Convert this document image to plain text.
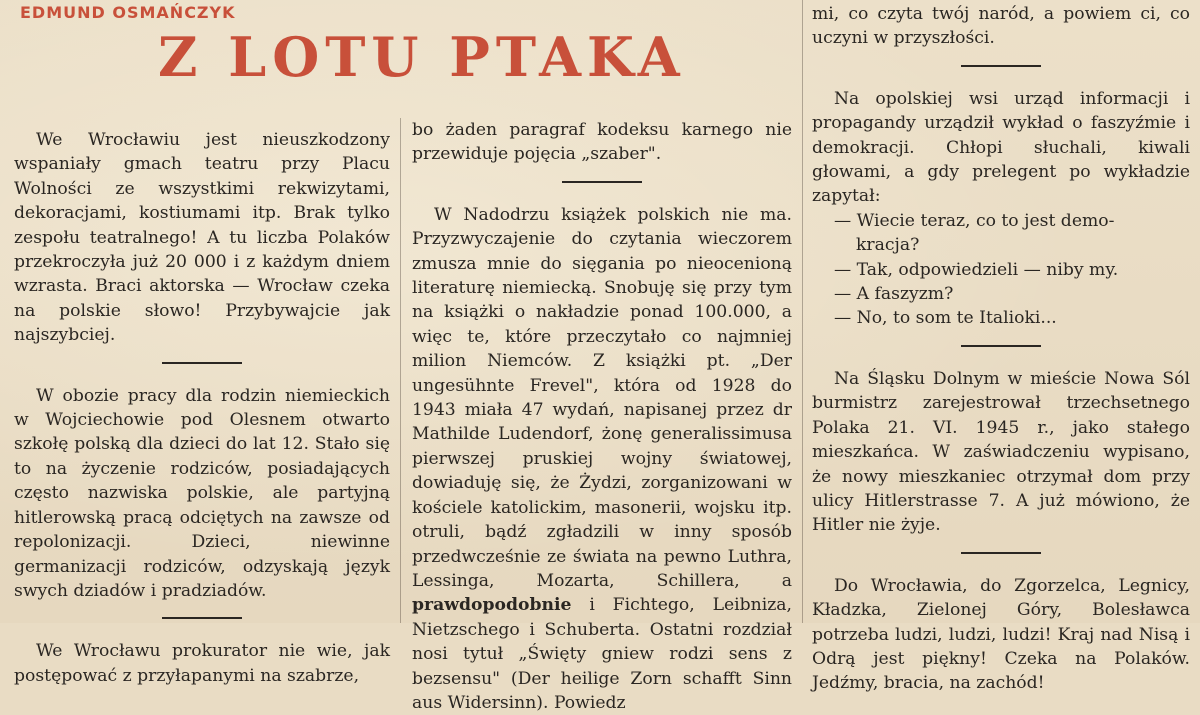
EDMUND OSMAŃCZYK
Z LOTU PTAKA

We Wrocławiu jest nieuszkodzony wspaniały gmach teatru przy Placu Wolności ze wszystkimi rekwizytami, dekoracjami, kostiumami itp. Brak tylko zespołu teatralnego! A tu liczba Polaków przekroczyła już 20 000 i z każdym dniem wzrasta. Braci aktorska — Wrocław czeka na polskie słowo! Przybywajcie jak najszybciej.

W obozie pracy dla rodzin niemieckich w Wojciechowie pod Olesnem otwarto szkołę polską dla dzieci do lat 12. Stało się to na życzenie rodziców, posiadających często nazwiska polskie, ale partyjną hitlerowską pracą odciętych na zawsze od repolonizacji. Dzieci, niewinne germanizacji rodziców, odzyskają język swych dziadów i pradziadów.

We Wrocławu prokurator nie wie, jak postępować z przyłapanymi na szabrze,

bo żaden paragraf kodeksu karnego nie przewiduje pojęcia „szaber".

W Nadodrzu książek polskich nie ma. Przyzwyczajenie do czytania wieczorem zmusza mnie do sięgania po nieocenioną literaturę niemiecką. Snobuję się przy tym na książki o nakładzie ponad 100.000, a więc te, które przeczytało co najmniej milion Niemców. Z książki pt. „Der ungesühnte Frevel", która od 1928 do 1943 miała 47 wydań, napisanej przez dr Mathilde Ludendorf, żonę generalissimusa pierwszej pruskiej wojny światowej, dowiaduję się, że Żydzi, zorganizowani w kościele katolickim, masonerii, wojsku itp. otruli, bądź zgładzili w inny sposób przedwcześnie ze świata na pewno Luthra, Lessinga, Mozarta, Schillera, a prawdopodobnie i Fichtego, Leibniza, Nietzschego i Schuberta. Ostatni rozdział nosi tytuł „Święty gniew rodzi sens z bezsensu" (Der heilige Zorn schafft Sinn aus Widersinn). Powiedz

mi, co czyta twój naród, a powiem ci, co uczyni w przyszłości.

Na opolskiej wsi urząd informacji i propagandy urządził wykład o faszyźmie i demokracji. Chłopi słuchali, kiwali głowami, a gdy prelegent po wykładzie zapytał:

— Wiecie teraz, co to jest demo-

kracja?

— Tak, odpowiedzieli — niby my.

— A faszyzm?

— No, to som te Italioki...

Na Śląsku Dolnym w mieście Nowa Sól burmistrz zarejestrował trzechsetnego Polaka 21. VI. 1945 r., jako stałego mieszkańca. W zaświadczeniu wypisano, że nowy mieszkaniec otrzymał dom przy ulicy Hitlerstrasse 7. A już mówiono, że Hitler nie żyje.

Do Wrocławia, do Zgorzelca, Legnicy, Kładzka, Zielonej Góry, Bolesławca potrzeba ludzi, ludzi, ludzi! Kraj nad Nisą i Odrą jest piękny! Czeka na Polaków. Jedźmy, bracia, na zachód!
